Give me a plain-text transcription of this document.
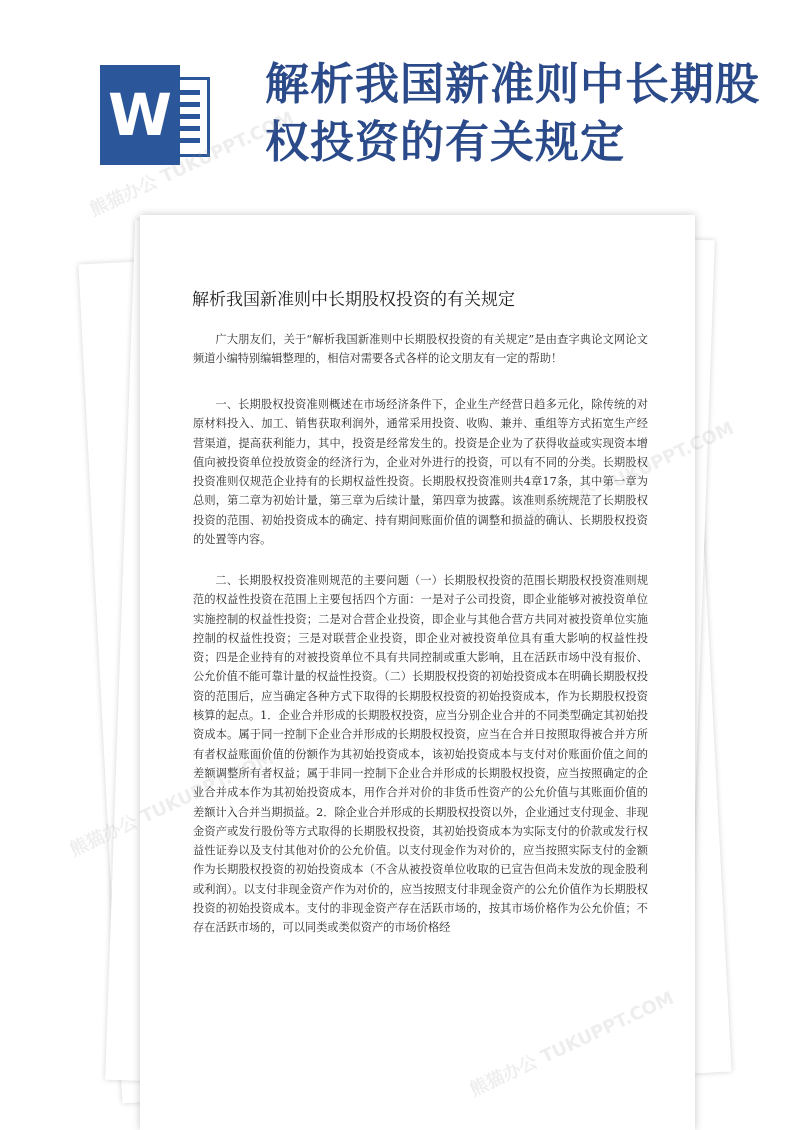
W 解析我国新准则中长期股权投资的有关规定
解析我国新准则中长期股权投资的有关规定

广大朋友们，关于“解析我国新准则中长期股权投资的有关规定”是由查字典论文网论文频道小编特别编辑整理的，相信对需要各式各样的论文朋友有一定的帮助！

一、长期股权投资准则概述在市场经济条件下，企业生产经营日趋多元化，除传统的对原材料投入、加工、销售获取利润外，通常采用投资、收购、兼并、重组等方式拓宽生产经营渠道，提高获利能力，其中，投资是经常发生的。投资是企业为了获得收益或实现资本增值向被投资单位投放资金的经济行为，企业对外进行的投资，可以有不同的分类。长期股权投资准则仅规范企业持有的长期权益性投资。长期股权投资准则共4章17条，其中第一章为总则，第二章为初始计量，第三章为后续计量，第四章为披露。该准则系统规范了长期股权投资的范围、初始投资成本的确定、持有期间账面价值的调整和损益的确认、长期股权投资的处置等内容。

二、长期股权投资准则规范的主要问题（一）长期股权投资的范围长期股权投资准则规范的权益性投资在范围上主要包括四个方面：一是对子公司投资，即企业能够对被投资单位实施控制的权益性投资；二是对合营企业投资，即企业与其他合营方共同对被投资单位实施控制的权益性投资；三是对联营企业投资，即企业对被投资单位具有重大影响的权益性投资；四是企业持有的对被投资单位不具有共同控制或重大影响，且在活跃市场中没有报价、公允价值不能可靠计量的权益性投资。（二）长期股权投资的初始投资成本在明确长期股权投资的范围后，应当确定各种方式下取得的长期股权投资的初始投资成本，作为长期股权投资核算的起点。1．企业合并形成的长期股权投资，应当分别企业合并的不同类型确定其初始投资成本。属于同一控制下企业合并形成的长期股权投资，应当在合并日按照取得被合并方所有者权益账面价值的份额作为其初始投资成本，该初始投资成本与支付对价账面价值之间的差额调整所有者权益；属于非同一控制下企业合并形成的长期股权投资，应当按照确定的企业合并成本作为其初始投资成本，用作合并对价的非货币性资产的公允价值与其账面价值的差额计入合并当期损益。2．除企业合并形成的长期股权投资以外，企业通过支付现金、非现金资产或发行股份等方式取得的长期股权投资，其初始投资成本为实际支付的价款或发行权益性证券以及支付其他对价的公允价值。以支付现金作为对价的，应当按照实际支付的金额作为长期股权投资的初始投资成本（不含从被投资单位收取的已宣告但尚未发放的现金股利或利润）。以支付非现金资产作为对价的，应当按照支付非现金资产的公允价值作为长期股权投资的初始投资成本。支付的非现金资产存在活跃市场的，按其市场价格作为公允价值；不存在活跃市场的，可以同类或类似资产的市场价格经

熊猫办公
